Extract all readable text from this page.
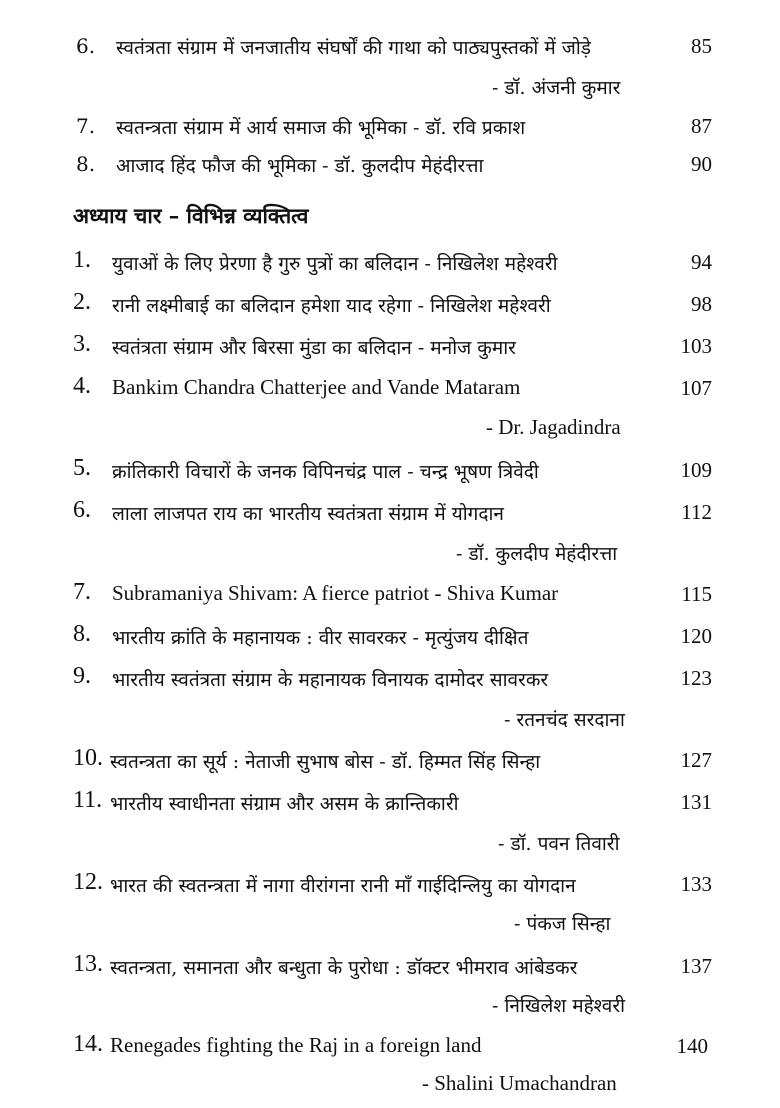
6. स्वतंत्रता संग्राम में जनजातीय संघर्षों की गाथा को पाठ्यपुस्तकों में जोड़े	85
- डॉ. अंजनी कुमार
7. स्वतन्त्रता संग्राम में आर्य समाज की भूमिका - डॉ. रवि प्रकाश	87
8. आजाद हिंद फौज की भूमिका - डॉ. कुलदीप मेहंदीरत्ता	90
अध्याय चार – विभिन्न व्यक्तित्व
1. युवाओं के लिए प्रेरणा है गुरु पुत्रों का बलिदान - निखिलेश महेश्वरी	94
2. रानी लक्ष्मीबाई का बलिदान हमेशा याद रहेगा - निखिलेश महेश्वरी	98
3. स्वतंत्रता संग्राम और बिरसा मुंडा का बलिदान - मनोज कुमार	103
4. Bankim Chandra Chatterjee and Vande Mataram	107
- Dr. Jagadindra
5. क्रांतिकारी विचारों के जनक विपिनचंद्र पाल - चन्द्र भूषण त्रिवेदी	109
6. लाला लाजपत राय का भारतीय स्वतंत्रता संग्राम में योगदान	112
- डॉ. कुलदीप मेहंदीरत्ता
7. Subramaniya Shivam: A fierce patriot - Shiva Kumar	115
8. भारतीय क्रांति के महानायक : वीर सावरकर - मृत्युंजय दीक्षित	120
9. भारतीय स्वतंत्रता संग्राम के महानायक विनायक दामोदर सावरकर	123
- रतनचंद सरदाना
10. स्वतन्त्रता का सूर्य : नेताजी सुभाष बोस - डॉ. हिम्मत सिंह सिन्हा	127
11. भारतीय स्वाधीनता संग्राम और असम के क्रान्तिकारी	131
- डॉ. पवन तिवारी
12. भारत की स्वतन्त्रता में नागा वीरांगना रानी माँ गाईदिन्लियु का योगदान	133
- पंकज सिन्हा
13. स्वतन्त्रता, समानता और बन्धुता के पुरोधा : डॉक्टर भीमराव आंबेडकर	137
- निखिलेश महेश्वरी
14. Renegades fighting the Raj in a foreign land	140
- Shalini Umachandran
